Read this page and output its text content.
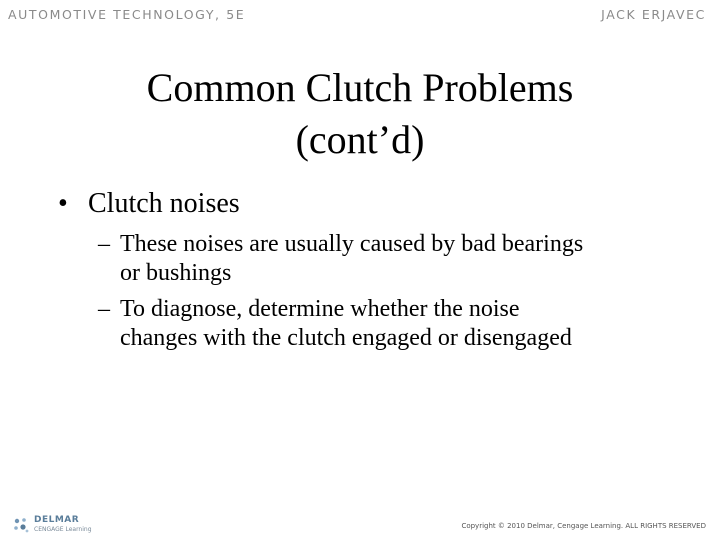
AUTOMOTIVE TECHNOLOGY, 5E	JACK ERJAVEC
Common Clutch Problems
(cont’d)
• Clutch noises
– These noises are usually caused by bad bearings
or bushings
– To diagnose, determine whether the noise
changes with the clutch engaged or disengaged
DELMAR
CENGAGE Learning	Copyright © 2010 Delmar, Cengage Learning. ALL RIGHTS RESERVED
